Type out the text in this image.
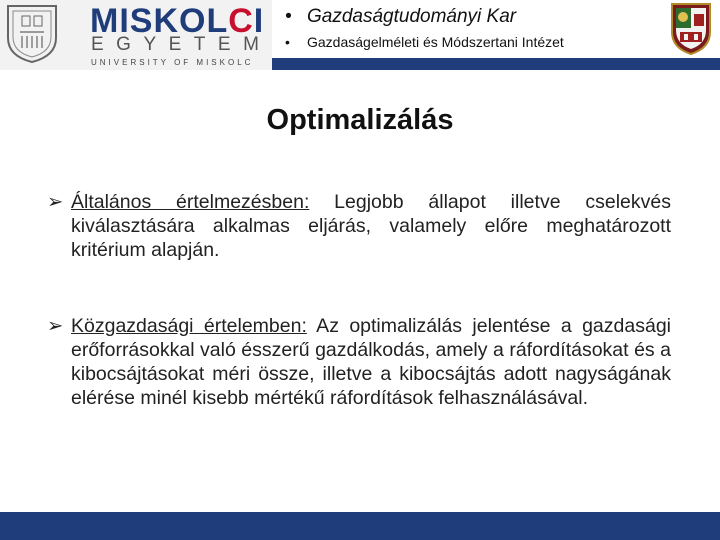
MISKOLCI
EGYETEM
UNIVERSITY OF MISKOLC
• Gazdaságtudományi Kar
• Gazdaságelméleti és Módszertani Intézet
Optimalizálás
➢ Általános értelmezésben: Legjobb állapot illetve cselekvés kiválasztására alkalmas eljárás, valamely előre meghatározott kritérium alapján.
➢ Közgazdasági értelemben: Az optimalizálás jelentése a gazdasági erőforrásokkal való ésszerű gazdálkodás, amely a ráfordításokat és a kibocsájtásokat méri össze, illetve a kibocsájtás adott nagyságának elérése minél kisebb mértékű ráfordítások felhasználásával.
